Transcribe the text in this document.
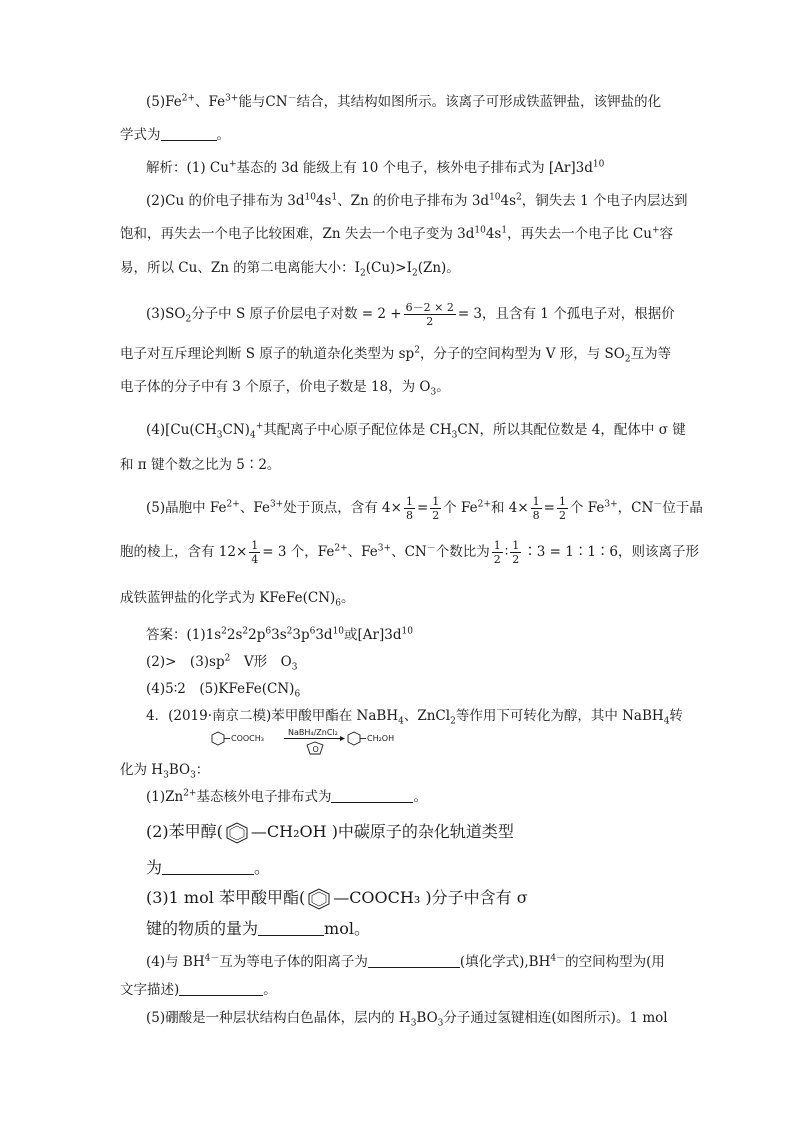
$(5)Fe^{2+}$、$Fe^{3+}$能与CN－结合，其结构如图所示。该离子可形成铁蓝钾盐，该钾盐的化
学式为	。
解析：(1) Cu+基态的 3d 能级上有 10 个电子，核外电子排布式为 $[Ar]3d^{10}$
(2)Cu 的价电子排布为 $3d^{10}4s^1$、Zn 的价电子排布为 $3d^{10}4s^2$，铜失去 1 个电子内层达到
饱和，再失去一个电子比较困难，Zn 失去一个电子变为 $3d^{10}4s^1$，再失去一个电子比 Cu+容
易，所以 Cu、Zn 的第二电离能大小：$I_2(Cu)>I_2(Zn)$。
$(3)SO_2$分子中 S 原子价层电子对数 = $2 + \frac{6-2 \times 2}{2} = 3$，且含有 1 个孤电子对，根据价
电子对互斥理论判断 S 原子的轨道杂化类型为 $sp^2$，分子的空间构型为 V 形，与 $SO_2$互为等
电子体的分子中有 3 个原子，价电子数是 18，为 $O_3$。
$(4)[Cu(CH_3CN)_4^+$其配离子中心原子配位体是 $CH_3CN$，所以其配位数是 4，配体中 σ 键
和 π 键个数之比为 5∶2。
(5)晶胞中 $Fe^{2+}$、$Fe^{3+}$处于顶点，含有 $4\times \frac{1}{8} = \frac{1}{2}$ 个 $Fe^{2+}$和 $4\times \frac{1}{8} = \frac{1}{2}$ 个 $Fe^{3+}$，CN－位于晶
胞的棱上，含有 $12\times \frac{1}{4} = 3$ 个，$Fe^{2+}$、$Fe^{3+}$、CN－个数比为 $\frac{1}{2}$ ∶ $\frac{1}{2}$ ∶3 = 1∶1∶6，则该离子形
成铁蓝钾盐的化学式为 $KFeFe(CN)_6$。
答案：$(1)1s^22s^22p^63s^23p^63d^{10}$或$[Ar]3d^{10}$
(2)>　$(3)sp^2$　V形　$O_3$
(4)5∶2　$(5)KFeFe(CN)_6$
4．(2019·南京二模)苯甲酸甲酯在 NaBH$_4$、ZnCl$_2$等作用下可转化为醇，其中 NaBH$_4$转
COOCH₃
NaBH₄/ZnCl₂
O
CH₂OH
化为 $H_3BO_3$：
$(1)Zn^{2+}$基态核外电子排布式为	。
(2)苯甲醇( —CH₂OH )中碳原子的杂化轨道类型
为	。
(3)1 mol 苯甲酸甲酯( —COOCH₃ )分子中含有 σ
键的物质的量为	mol。
(4)与 $BH^{4-}$互为等电子体的阳离子为	(填化学式)$,BH^{4-}$的空间构型为(用
文字描述)	。
(5)硼酸是一种层状结构白色晶体，层内的 $H_3BO_3$分子通过氢键相连(如图所示)。1 mol
